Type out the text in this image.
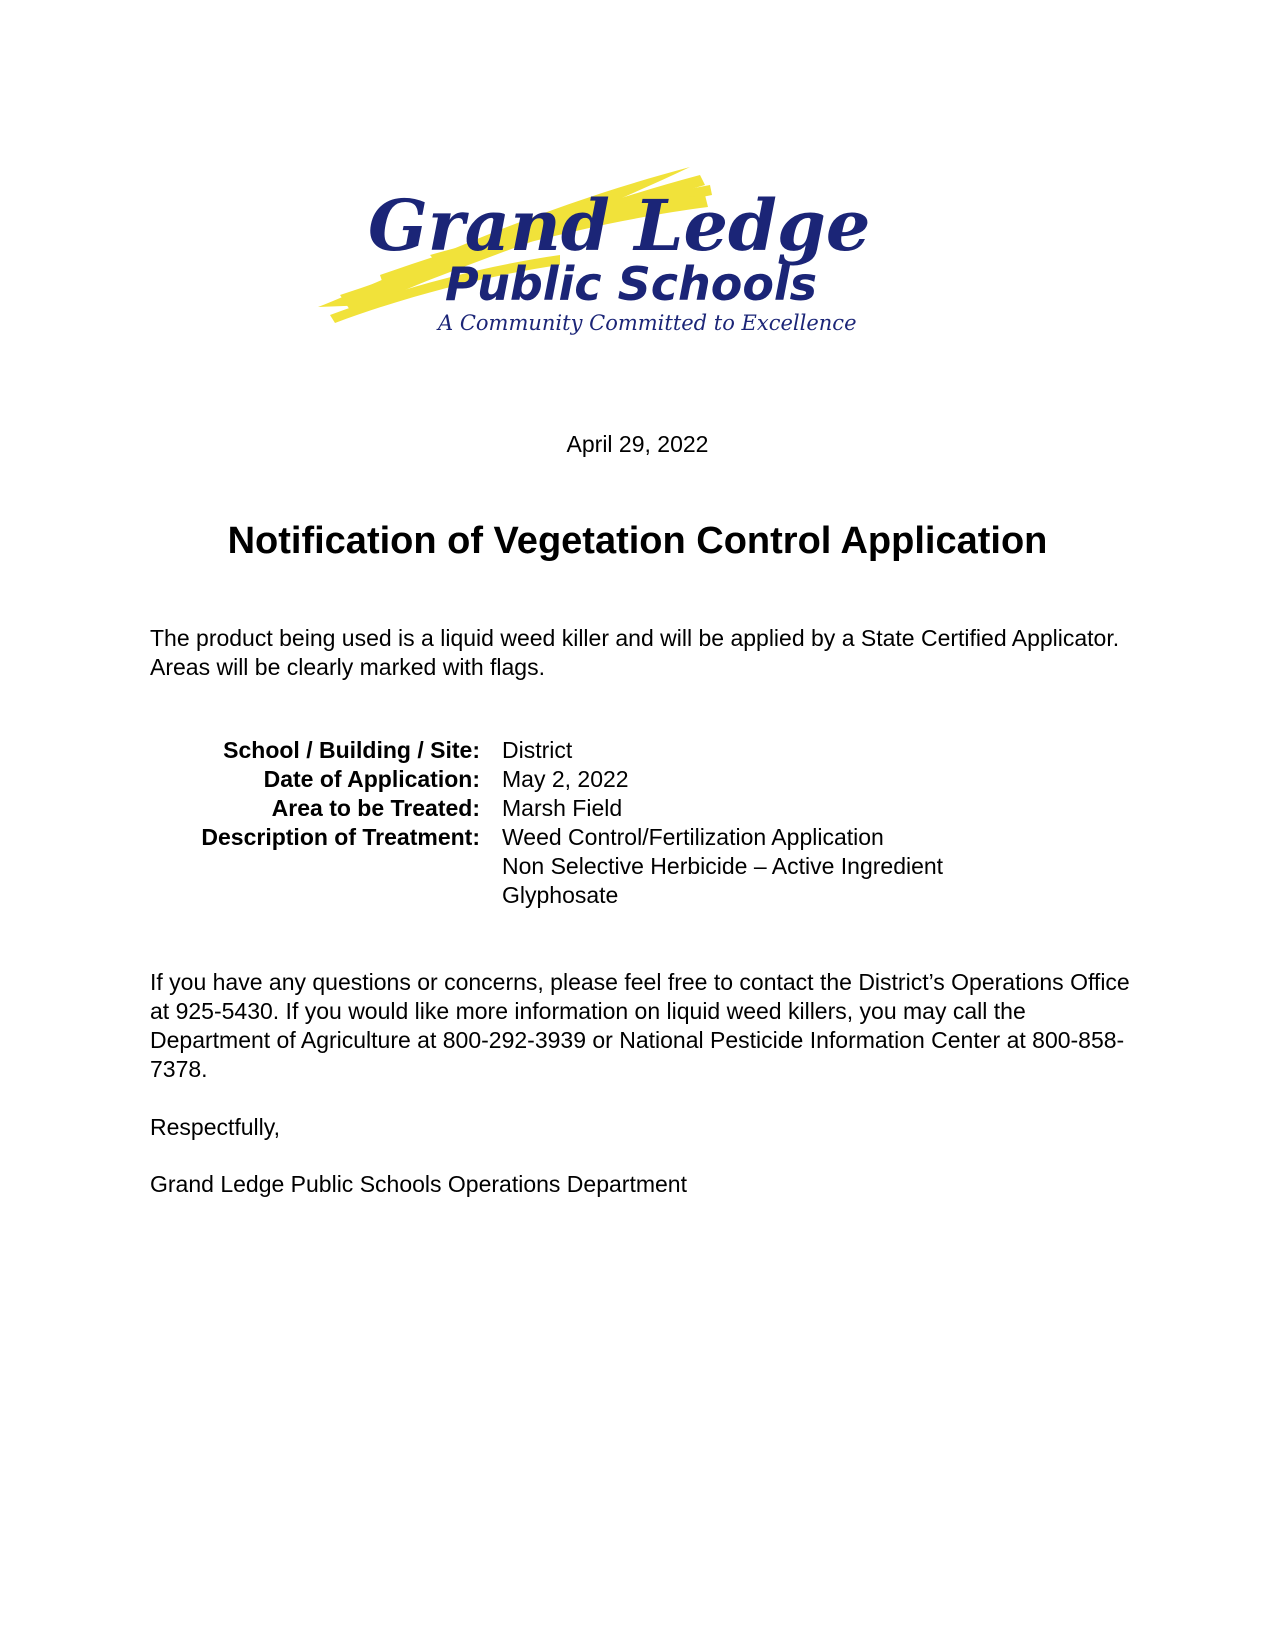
Grand Ledge
Public Schools
A Community Committed to Excellence
April 29, 2022
Notification of Vegetation Control Application

The product being used is a liquid weed killer and will be applied by a State Certified Applicator. Areas will be clearly marked with flags.

School / Building / Site: District
Date of Application: May 2, 2022
Area to be Treated: Marsh Field
Description of Treatment: Weed Control/Fertilization Application
Non Selective Herbicide – Active Ingredient
Glyphosate

If you have any questions or concerns, please feel free to contact the District’s Operations Office at 925-5430. If you would like more information on liquid weed killers, you may call the Department of Agriculture at 800-292-3939 or National Pesticide Information Center at 800-858-7378.

Respectfully,

Grand Ledge Public Schools Operations Department
